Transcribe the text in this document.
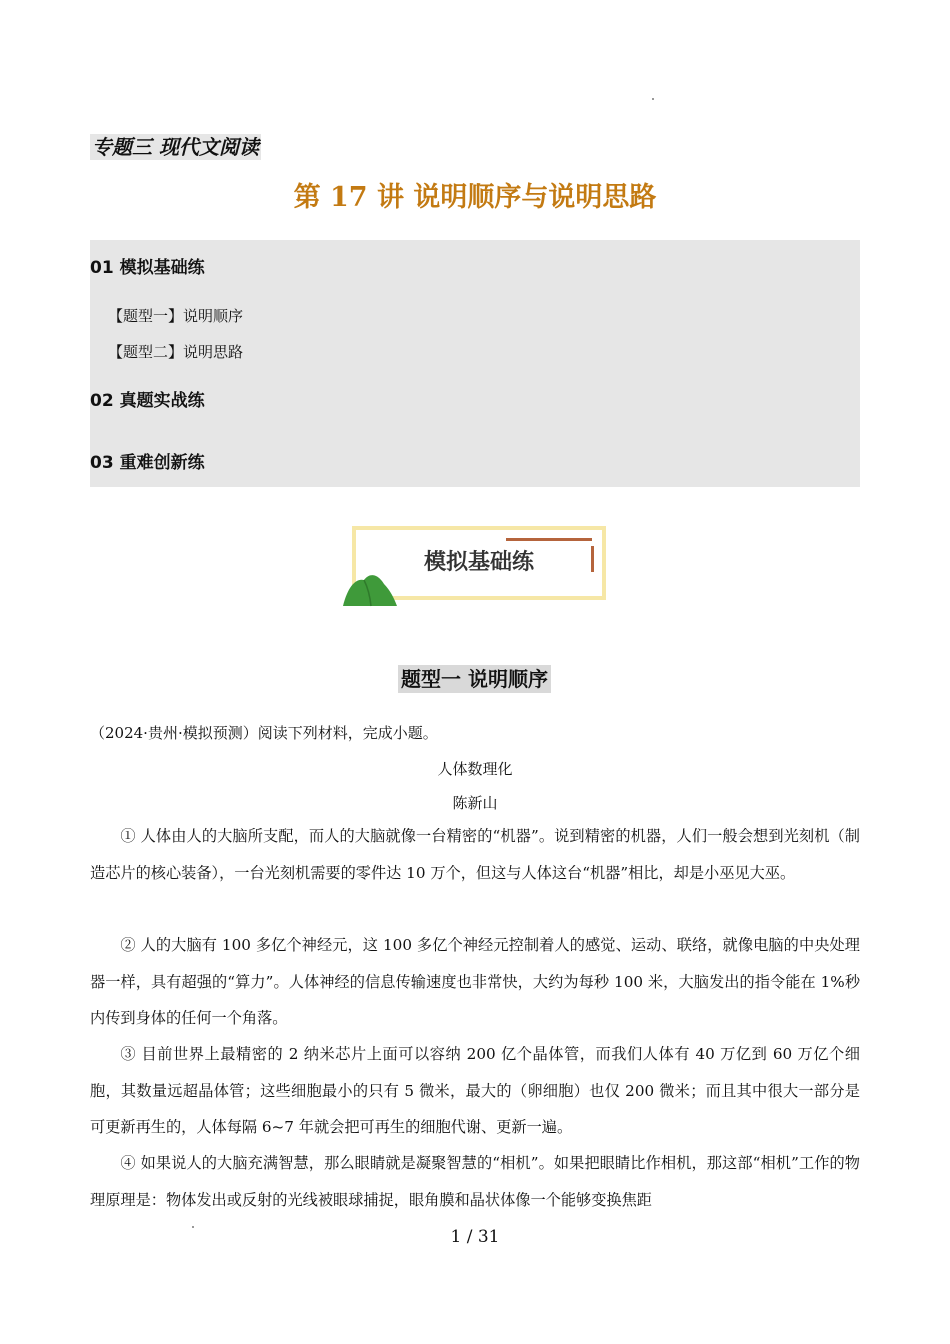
专题三 现代文阅读
第 17 讲 说明顺序与说明思路
01 模拟基础练
【题型一】说明顺序
【题型二】说明思路
02 真题实战练
03 重难创新练
模拟基础练
题型一 说明顺序
（2024·贵州·模拟预测）阅读下列材料，完成小题。
人体数理化
陈新山

① 人体由人的大脑所支配，而人的大脑就像一台精密的“机器”。说到精密的机器，人们一般会想到光刻机（制造芯片的核心装备），一台光刻机需要的零件达 10 万个，但这与人体这台“机器”相比，却是小巫见大巫。

② 人的大脑有 100 多亿个神经元，这 100 多亿个神经元控制着人的感觉、运动、联络，就像电脑的中央处理器一样，具有超强的“算力”。人体神经的信息传输速度也非常快，大约为每秒 100 米，大脑发出的指令能在 1%秒内传到身体的任何一个角落。

③ 目前世界上最精密的 2 纳米芯片上面可以容纳 200 亿个晶体管，而我们人体有 40 万亿到 60 万亿个细胞，其数量远超晶体管；这些细胞最小的只有 5 微米，最大的（卵细胞）也仅 200 微米；而且其中很大一部分是可更新再生的，人体每隔 6~7 年就会把可再生的细胞代谢、更新一遍。

④ 如果说人的大脑充满智慧，那么眼睛就是凝聚智慧的“相机”。如果把眼睛比作相机，那这部“相机”工作的物理原理是：物体发出或反射的光线被眼球捕捉，眼角膜和晶状体像一个能够变换焦距

1 / 31
